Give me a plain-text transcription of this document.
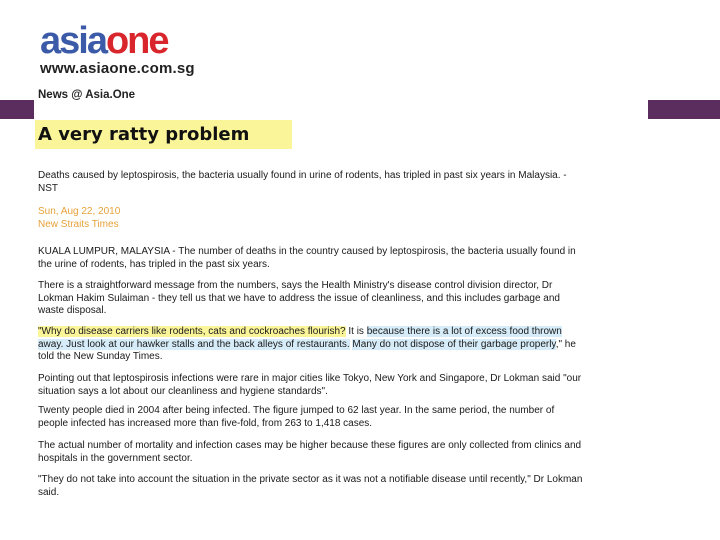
asiaone
www.asiaone.com.sg
News @ Asia.One
A very ratty problem
Deaths caused by leptospirosis, the bacteria usually found in urine of rodents, has tripled in past six years in Malaysia. -NST
Sun, Aug 22, 2010
New Straits Times
KUALA LUMPUR, MALAYSIA - The number of deaths in the country caused by leptospirosis, the bacteria usually found in the urine of rodents, has tripled in the past six years.
There is a straightforward message from the numbers, says the Health Ministry's disease control division director, Dr Lokman Hakim Sulaiman - they tell us that we have to address the issue of cleanliness, and this includes garbage and waste disposal.
"Why do disease carriers like rodents, cats and cockroaches flourish? It is because there is a lot of excess food thrown away. Just look at our hawker stalls and the back alleys of restaurants. Many do not dispose of their garbage properly," he told the New Sunday Times.
Pointing out that leptospirosis infections were rare in major cities like Tokyo, New York and Singapore, Dr Lokman said "our situation says a lot about our cleanliness and hygiene standards".
Twenty people died in 2004 after being infected. The figure jumped to 62 last year. In the same period, the number of people infected has increased more than five-fold, from 263 to 1,418 cases.
The actual number of mortality and infection cases may be higher because these figures are only collected from clinics and hospitals in the government sector.
"They do not take into account the situation in the private sector as it was not a notifiable disease until recently," Dr Lokman said.
